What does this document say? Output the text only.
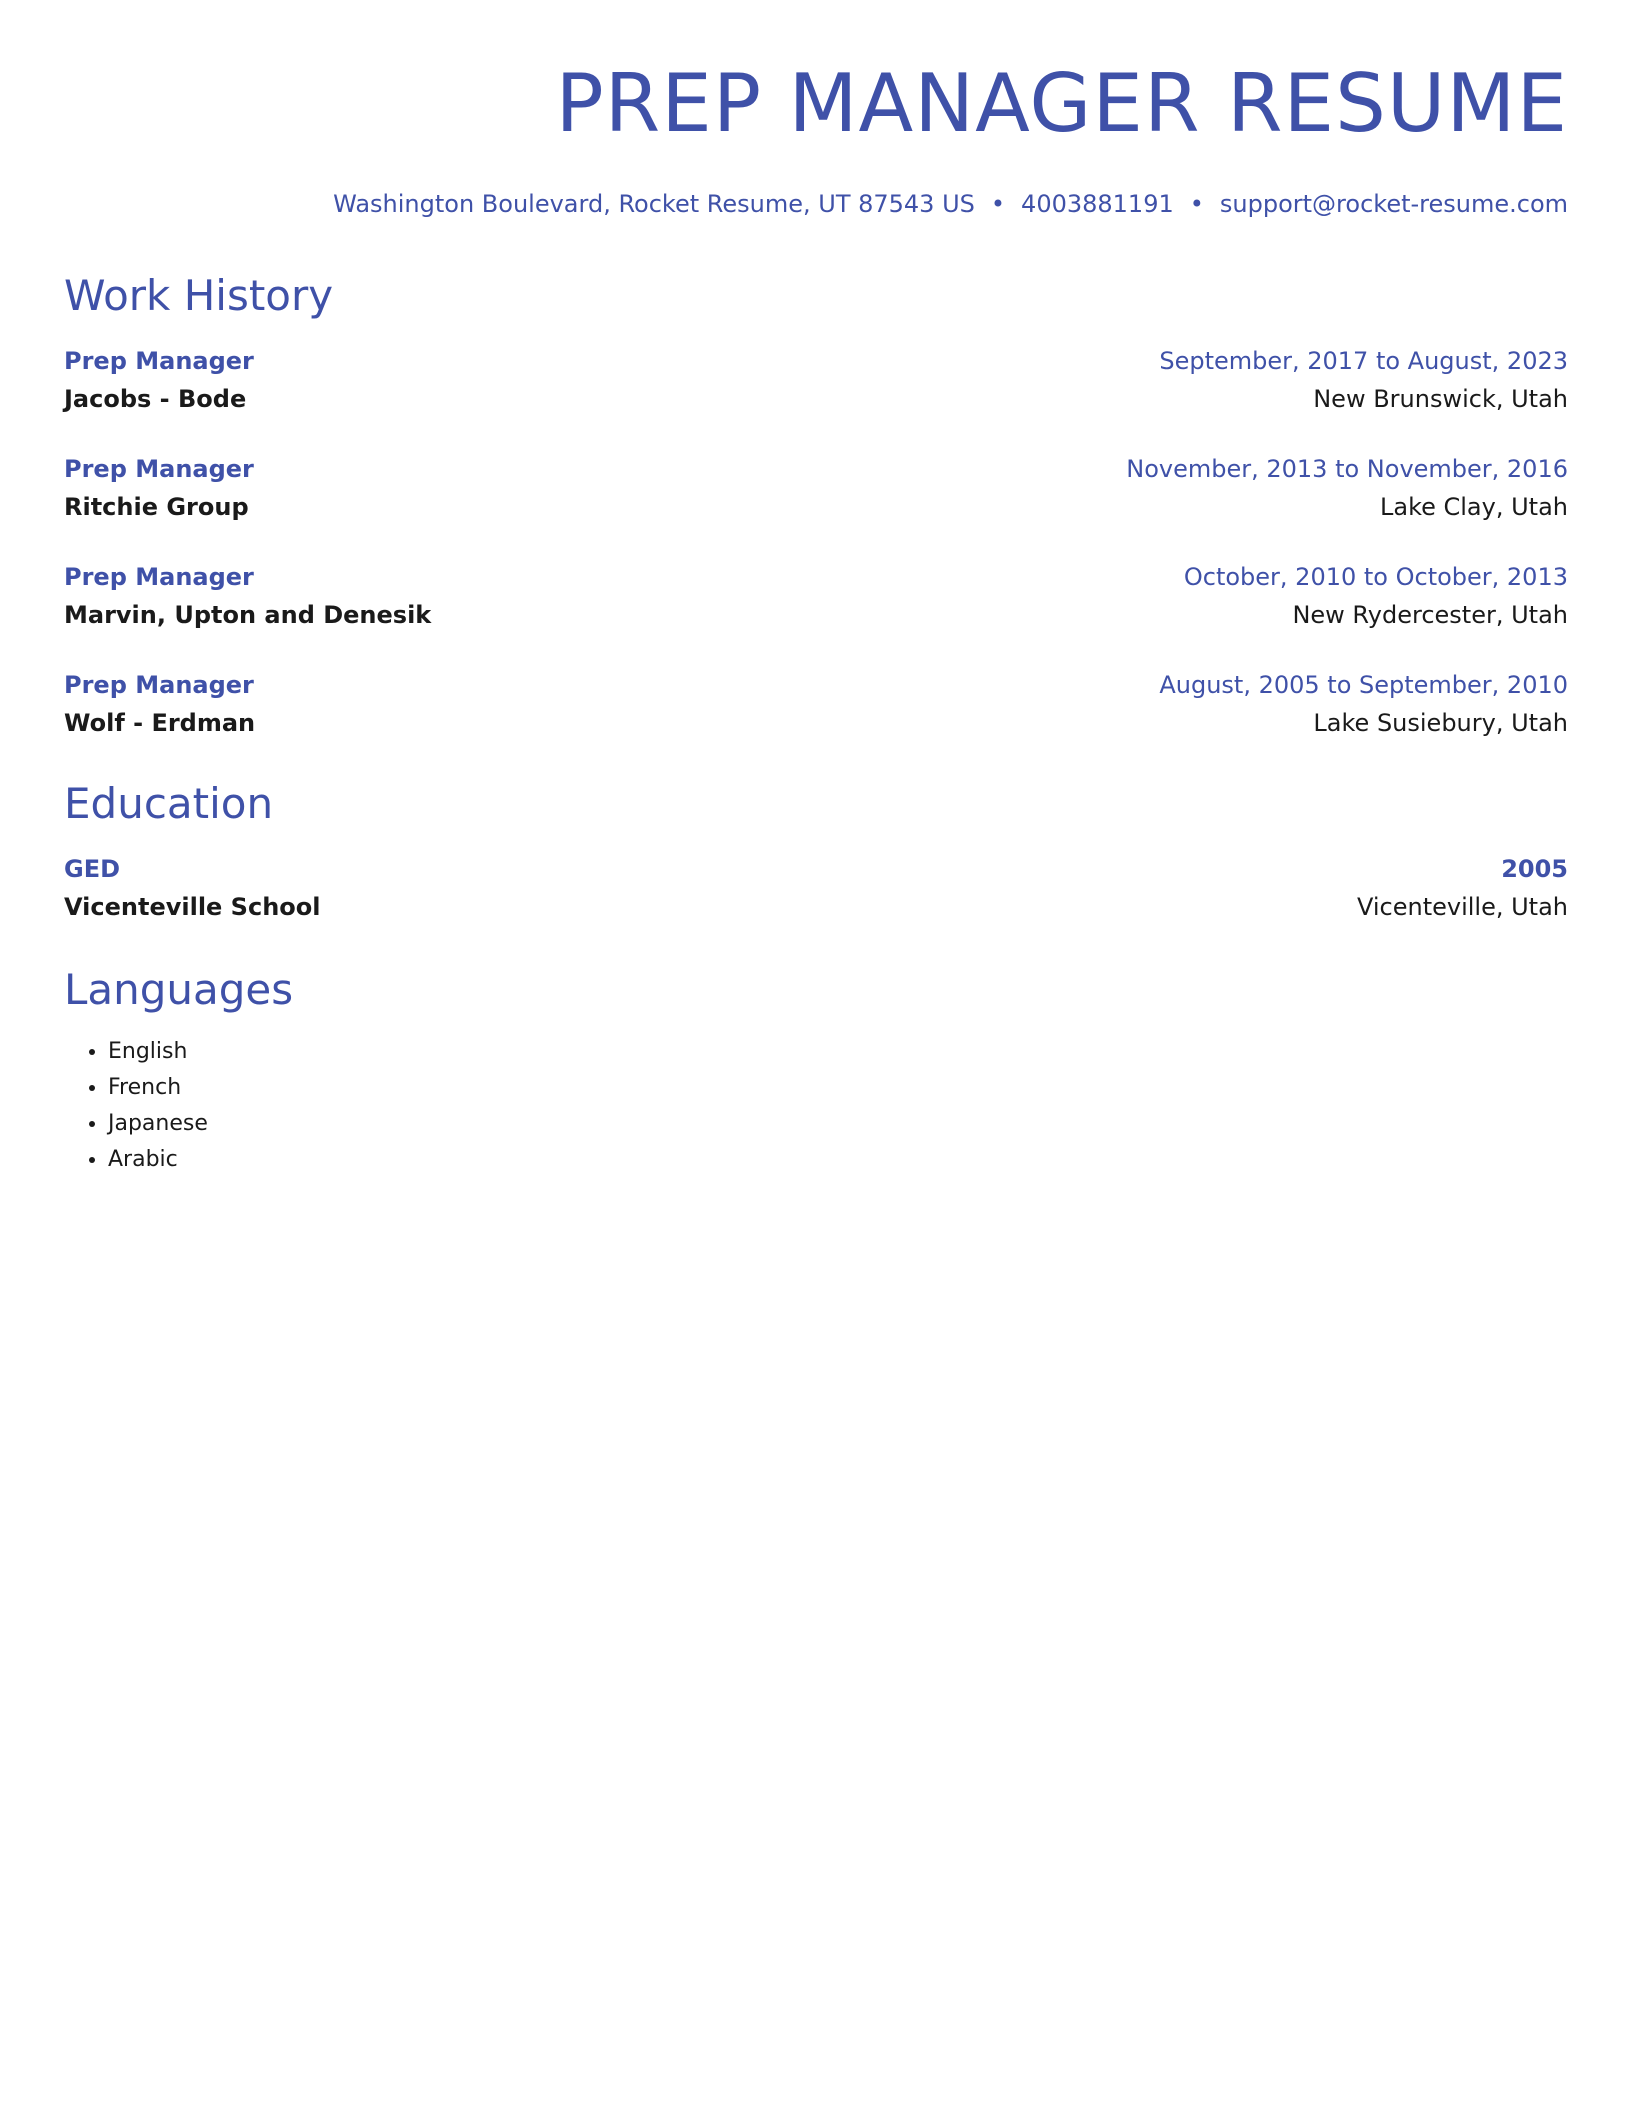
PREP MANAGER RESUME
Washington Boulevard, Rocket Resume, UT 87543 US • 4003881191 • support@rocket-resume.com
Work History
Prep Manager	September, 2017 to August, 2023
Jacobs - Bode	New Brunswick, Utah
Prep Manager	November, 2013 to November, 2016
Ritchie Group	Lake Clay, Utah
Prep Manager	October, 2010 to October, 2013
Marvin, Upton and Denesik	New Rydercester, Utah
Prep Manager	August, 2005 to September, 2010
Wolf - Erdman	Lake Susiebury, Utah
Education
GED	2005
Vicenteville School	Vicenteville, Utah
Languages
• English
• French
• Japanese
• Arabic
